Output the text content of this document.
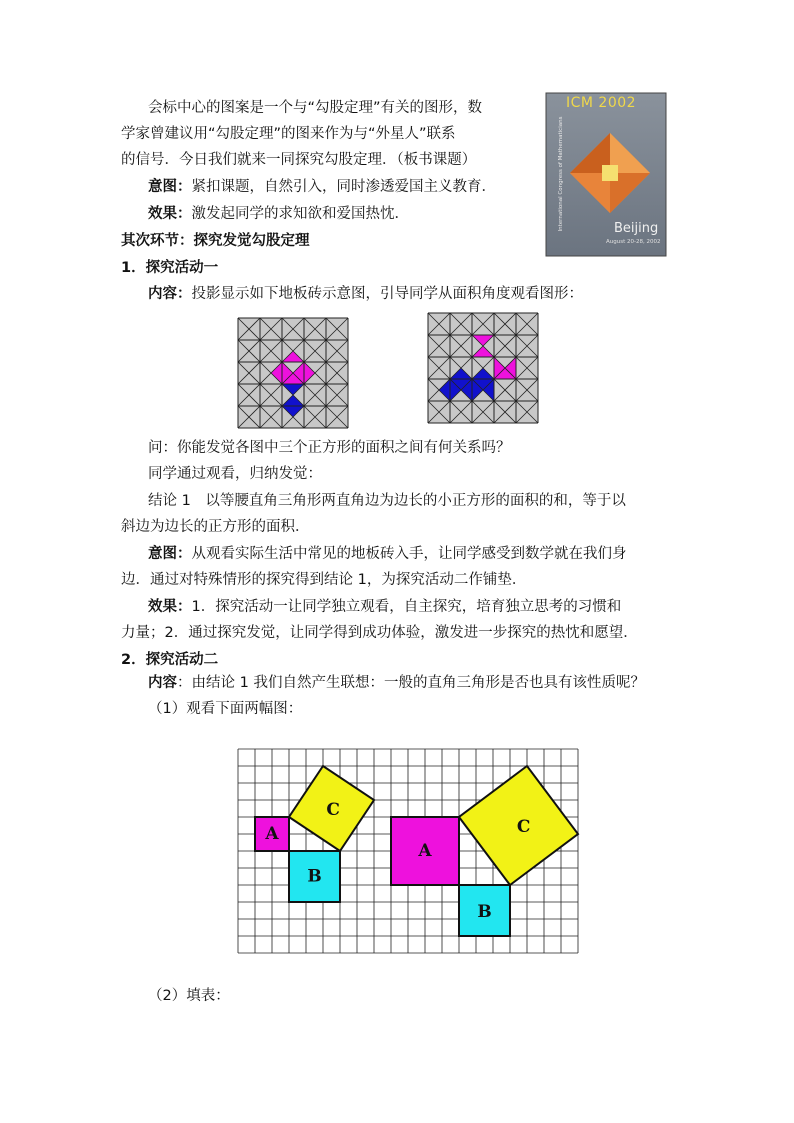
会标中心的图案是一个与“勾股定理”有关的图形，数
学家曾建议用“勾股定理”的图来作为与“外星人”联系
的信号．今日我们就来一同探究勾股定理．（板书课题）
意图：紧扣课题，自然引入，同时渗透爱国主义教育．
效果：激发起同学的求知欲和爱国热忱．
ICM 2002
International Congress of Mathematicians	Beijing
August 20-28, 2002
其次环节：探究发觉勾股定理
1．探究活动一
内容：投影显示如下地板砖示意图，引导同学从面积角度观看图形：
问：你能发觉各图中三个正方形的面积之间有何关系吗？
同学通过观看，归纳发觉：
结论 1　以等腰直角三角形两直角边为边长的小正方形的面积的和，等于以
斜边为边长的正方形的面积．
意图：从观看实际生活中常见的地板砖入手，让同学感受到数学就在我们身
边．通过对特殊情形的探究得到结论 1，为探究活动二作铺垫．
效果：1．探究活动一让同学独立观看，自主探究，培育独立思考的习惯和
力量；2．通过探究发觉，让同学得到成功体验，激发进一步探究的热忱和愿望．
2．探究活动二
内容：由结论 1 我们自然产生联想：一般的直角三角形是否也具有该性质呢？
（1）观看下面两幅图：
A
B
C
A
B
C
（2）填表：
